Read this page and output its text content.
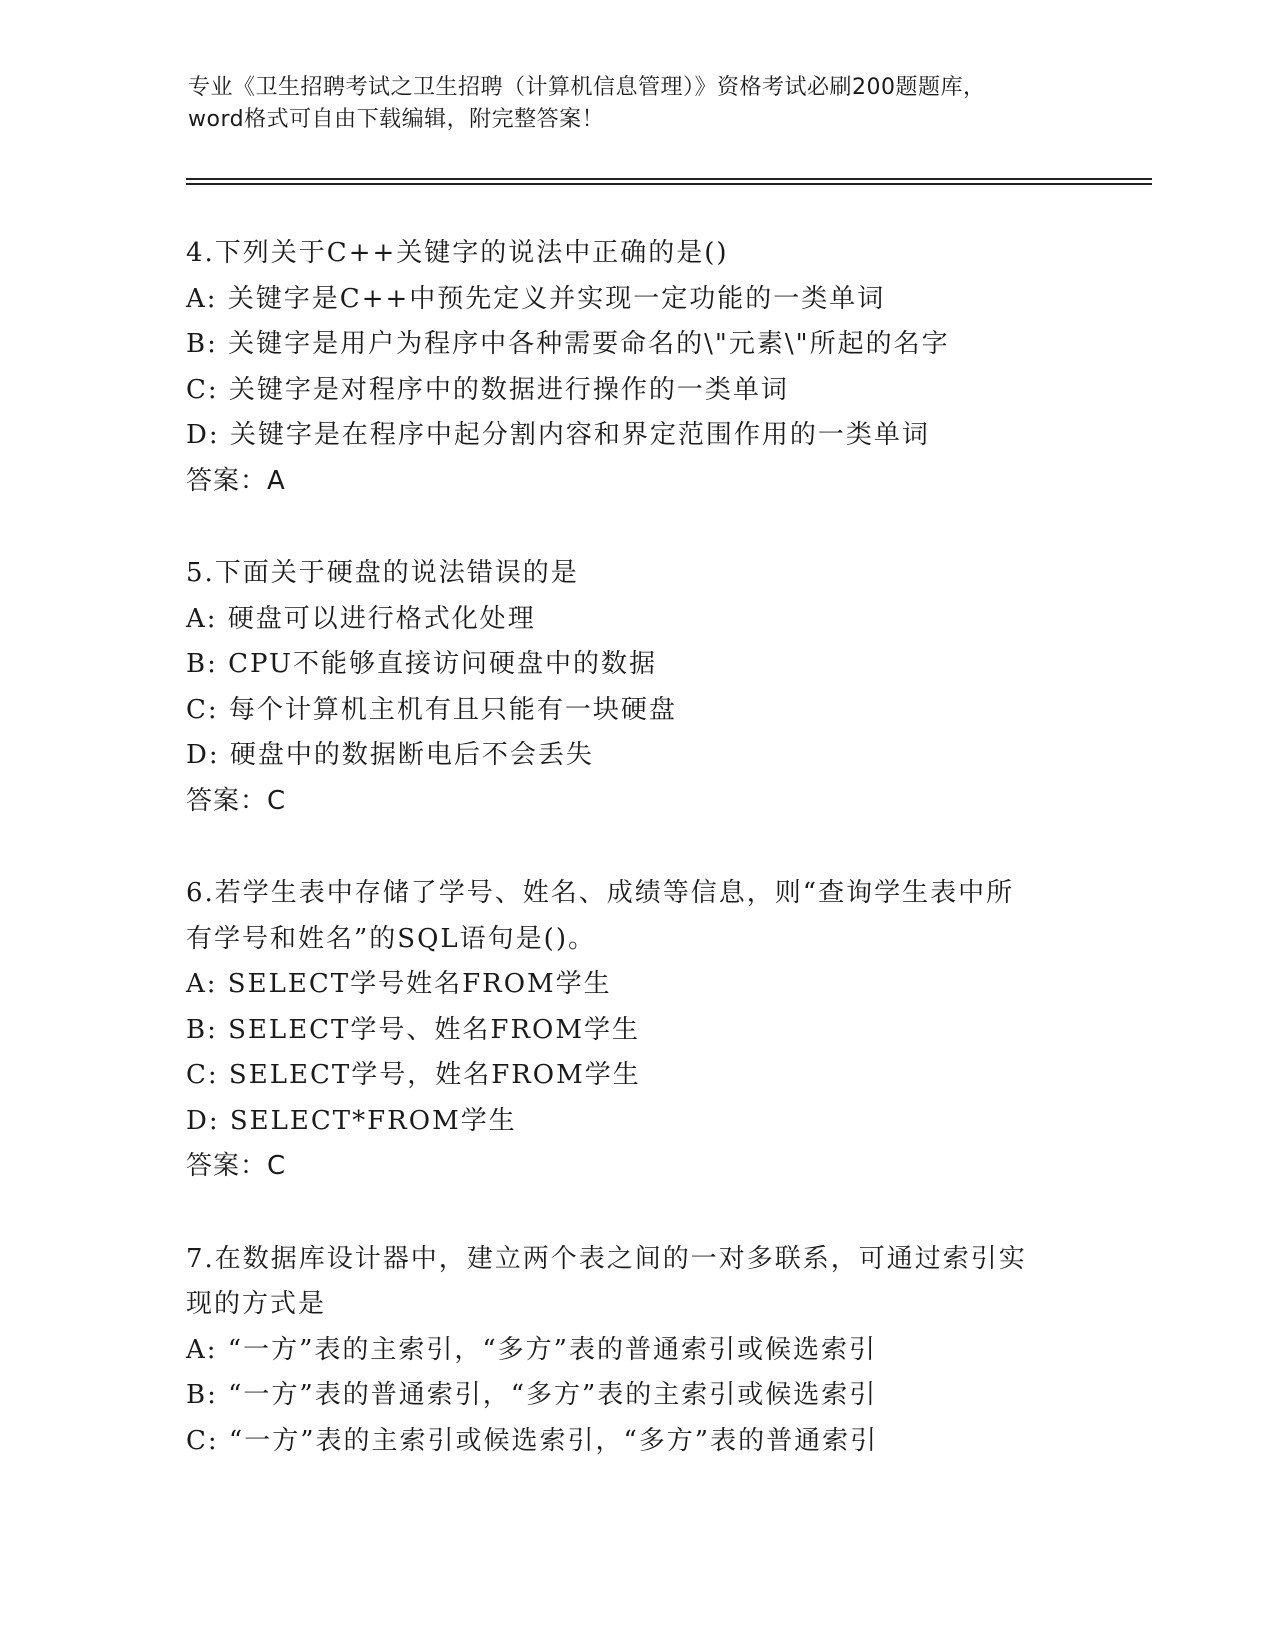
专业《卫生招聘考试之卫生招聘（计算机信息管理）》资格考试必刷200题题库，
word格式可自由下载编辑，附完整答案！
4.下列关于C++关键字的说法中正确的是()
A: 关键字是C++中预先定义并实现一定功能的一类单词
B: 关键字是用户为程序中各种需要命名的\"元素\"所起的名字
C: 关键字是对程序中的数据进行操作的一类单词
D: 关键字是在程序中起分割内容和界定范围作用的一类单词
答案：A
5.下面关于硬盘的说法错误的是
A: 硬盘可以进行格式化处理
B: CPU不能够直接访问硬盘中的数据
C: 每个计算机主机有且只能有一块硬盘
D: 硬盘中的数据断电后不会丢失
答案：C
6.若学生表中存储了学号、姓名、成绩等信息，则“查询学生表中所
有学号和姓名”的SQL语句是()。
A: SELECT学号姓名FROM学生
B: SELECT学号、姓名FROM学生
C: SELECT学号，姓名FROM学生
D: SELECT*FROM学生
答案：C
7.在数据库设计器中，建立两个表之间的一对多联系，可通过索引实
现的方式是
A: “一方”表的主索引，“多方”表的普通索引或候选索引
B: “一方”表的普通索引，“多方”表的主索引或候选索引
C: “一方”表的主索引或候选索引，“多方”表的普通索引
